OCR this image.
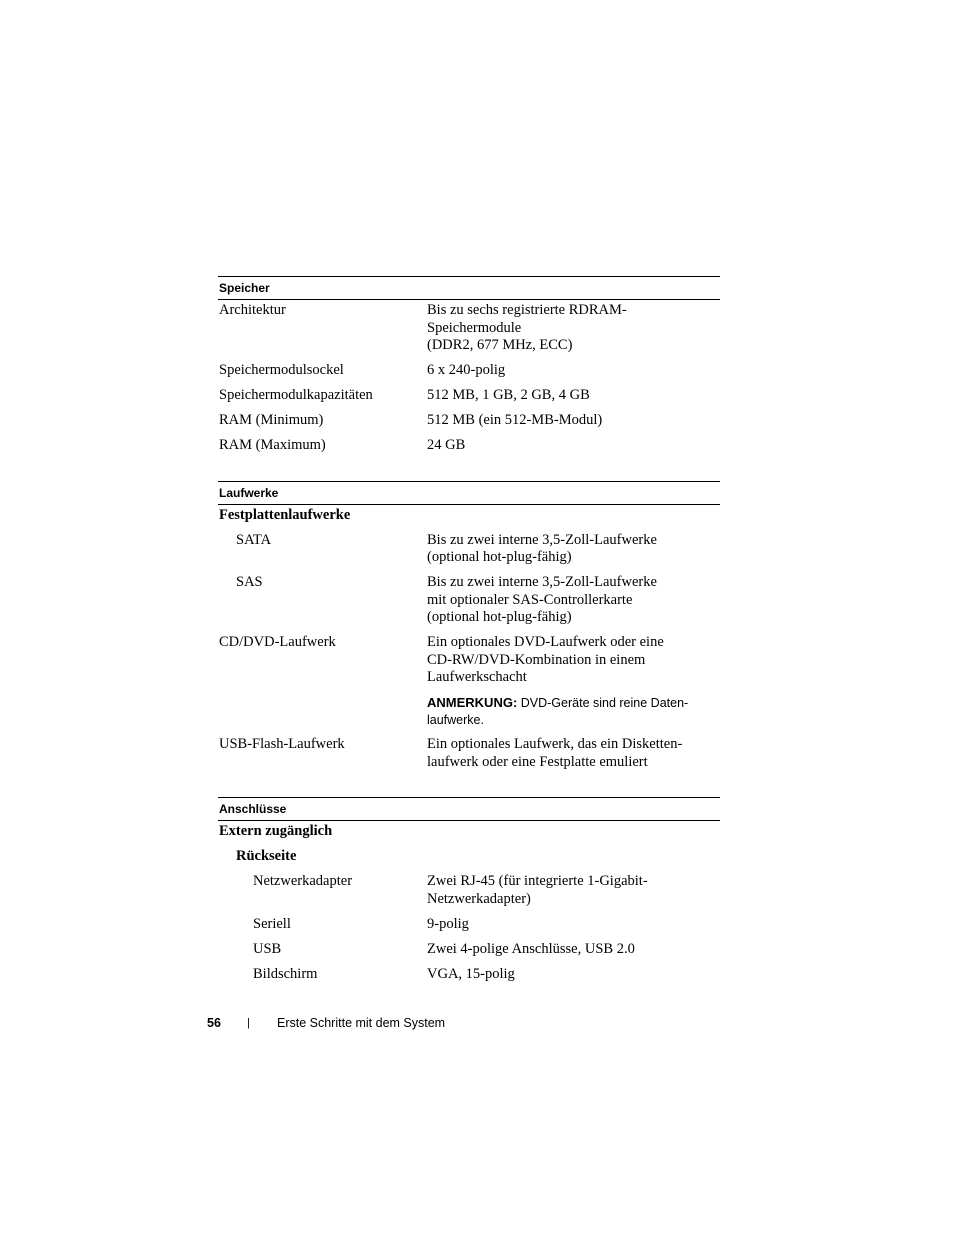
Speicher
Architektur	Bis zu sechs registrierte RDRAM-Speichermodule
(DDR2, 677 MHz, ECC)
Speichermodulsockel	6 x 240-polig
Speichermodulkapazitäten	512 MB, 1 GB, 2 GB, 4 GB
RAM (Minimum)	512 MB (ein 512-MB-Modul)
RAM (Maximum)	24 GB
Laufwerke
Festplattenlaufwerke
SATA	Bis zu zwei interne 3,5-Zoll-Laufwerke
(optional hot-plug-fähig)
SAS	Bis zu zwei interne 3,5-Zoll-Laufwerke
mit optionaler SAS-Controllerkarte
(optional hot-plug-fähig)
CD/DVD-Laufwerk	Ein optionales DVD-Laufwerk oder eine
CD-RW/DVD-Kombination in einem
Laufwerkschacht
ANMERKUNG: DVD-Geräte sind reine Daten-
laufwerke.
USB-Flash-Laufwerk	Ein optionales Laufwerk, das ein Disketten-
laufwerk oder eine Festplatte emuliert
Anschlüsse
Extern zugänglich
Rückseite
Netzwerkadapter	Zwei RJ-45 (für integrierte 1-Gigabit-
Netzwerkadapter)
Seriell	9-polig
USB	Zwei 4-polige Anschlüsse, USB 2.0
Bildschirm	VGA, 15-polig
56	|	Erste Schritte mit dem System
